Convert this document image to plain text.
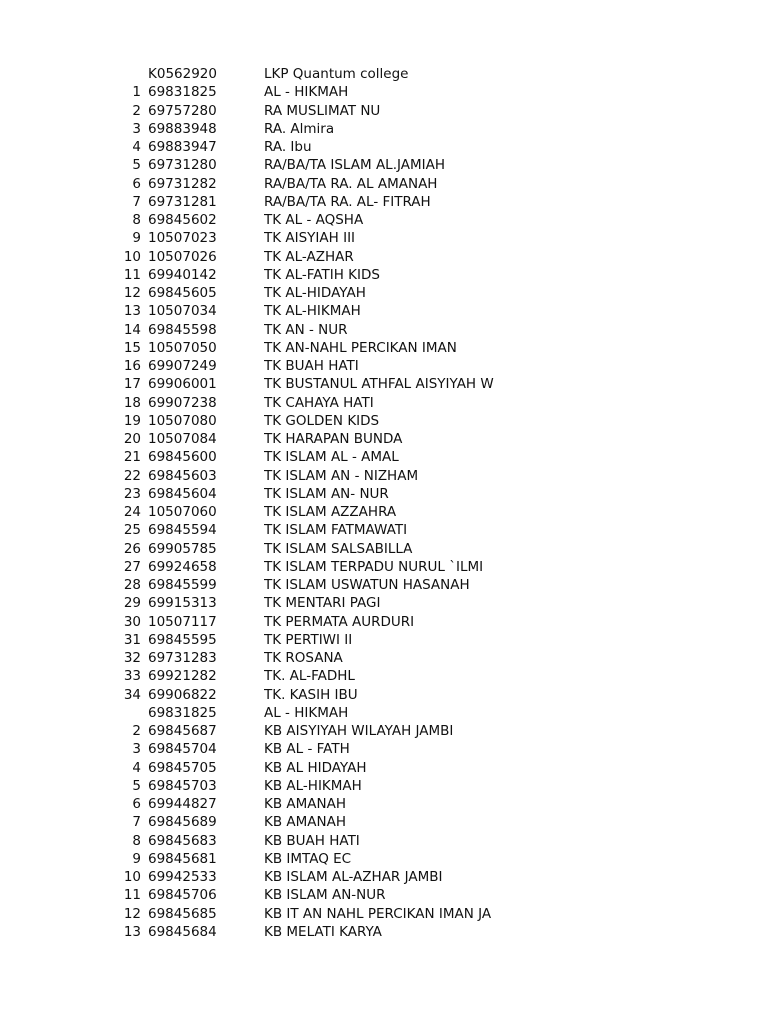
K0562920	LKP Quantum college
1 69831825	AL - HIKMAH
2 69757280	RA MUSLIMAT NU
3 69883948	RA. Almira
4 69883947	RA. Ibu
5 69731280	RA/BA/TA ISLAM AL.JAMIAH
6 69731282	RA/BA/TA RA. AL AMANAH
7 69731281	RA/BA/TA RA. AL- FITRAH
8 69845602	TK AL - AQSHA
9 10507023	TK AISYIAH III
10 10507026	TK AL-AZHAR
11 69940142	TK AL-FATIH KIDS
12 69845605	TK AL-HIDAYAH
13 10507034	TK AL-HIKMAH
14 69845598	TK AN - NUR
15 10507050	TK AN-NAHL PERCIKAN IMAN
16 69907249	TK BUAH HATI
17 69906001	TK BUSTANUL ATHFAL AISYIYAH W
18 69907238	TK CAHAYA HATI
19 10507080	TK GOLDEN KIDS
20 10507084	TK HARAPAN BUNDA
21 69845600	TK ISLAM AL - AMAL
22 69845603	TK ISLAM AN - NIZHAM
23 69845604	TK ISLAM AN- NUR
24 10507060	TK ISLAM AZZAHRA
25 69845594	TK ISLAM FATMAWATI
26 69905785	TK ISLAM SALSABILLA
27 69924658	TK ISLAM TERPADU NURUL `ILMI
28 69845599	TK ISLAM USWATUN HASANAH
29 69915313	TK MENTARI PAGI
30 10507117	TK PERMATA AURDURI
31 69845595	TK PERTIWI II
32 69731283	TK ROSANA
33 69921282	TK. AL-FADHL
34 69906822	TK. KASIH IBU
69831825	AL - HIKMAH
2 69845687	KB AISYIYAH WILAYAH JAMBI
3 69845704	KB AL - FATH
4 69845705	KB AL HIDAYAH
5 69845703	KB AL-HIKMAH
6 69944827	KB AMANAH
7 69845689	KB AMANAH
8 69845683	KB BUAH HATI
9 69845681	KB IMTAQ EC
10 69942533	KB ISLAM AL-AZHAR JAMBI
11 69845706	KB ISLAM AN-NUR
12 69845685	KB IT AN NAHL PERCIKAN IMAN JA
13 69845684	KB MELATI KARYA
